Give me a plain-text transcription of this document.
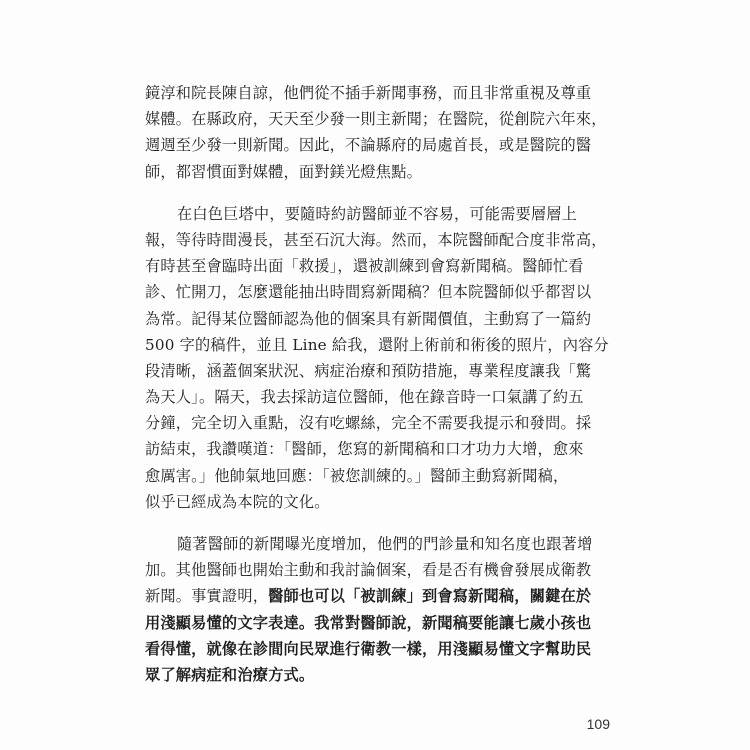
鏡淳和院長陳自諒，他們從不插手新聞事務，而且非常重視及尊重
媒體。在縣政府，天天至少發一則主新聞；在醫院，從創院六年來，
週週至少發一則新聞。因此，不論縣府的局處首長，或是醫院的醫
師，都習慣面對媒體，面對鎂光燈焦點。
在白色巨塔中，要隨時約訪醫師並不容易，可能需要層層上
報，等待時間漫長，甚至石沉大海。然而，本院醫師配合度非常高，
有時甚至會臨時出面「救援」，還被訓練到會寫新聞稿。醫師忙看
診、忙開刀，怎麼還能抽出時間寫新聞稿？但本院醫師似乎都習以
為常。記得某位醫師認為他的個案具有新聞價值，主動寫了一篇約
500 字的稿件，並且 Line 給我，還附上術前和術後的照片，內容分
段清晰，涵蓋個案狀況、病症治療和預防措施，專業程度讓我「驚
為天人」。隔天，我去採訪這位醫師，他在錄音時一口氣講了約五
分鐘，完全切入重點，沒有吃螺絲，完全不需要我提示和發問。採
訪結束，我讚嘆道：「醫師，您寫的新聞稿和口才功力大增，愈來
愈厲害。」他帥氣地回應：「被您訓練的。」醫師主動寫新聞稿，
似乎已經成為本院的文化。
隨著醫師的新聞曝光度增加，他們的門診量和知名度也跟著增
加。其他醫師也開始主動和我討論個案，看是否有機會發展成衛教
新聞。事實證明，醫師也可以「被訓練」到會寫新聞稿，關鍵在於
用淺顯易懂的文字表達。我常對醫師說，新聞稿要能讓七歲小孩也
看得懂，就像在診間向民眾進行衛教一樣，用淺顯易懂文字幫助民
眾了解病症和治療方式。
109
